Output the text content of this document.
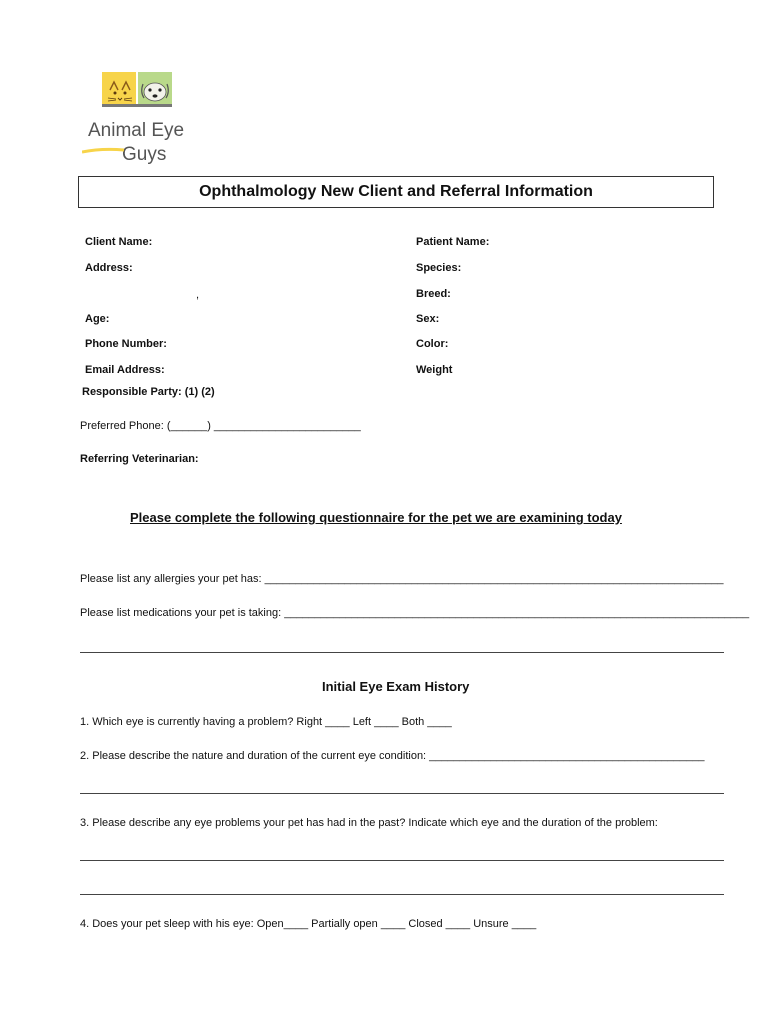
Animal Eye
Guys
Ophthalmology New Client and Referral Information
Client Name:
Address:
,
Age:
Phone Number:
Email Address:
Responsible Party: (1) (2)
Preferred Phone: (______) ________________________
Referring Veterinarian:
Patient Name:
Species:
Breed:
Sex:
Color:
Weight
Please complete the following questionnaire for the pet we are examining today
Please list any allergies your pet has: ___________________________________________________________________________
Please list medications your pet is taking: ____________________________________________________________________________
Initial Eye Exam History
1. Which eye is currently having a problem? Right ____ Left ____ Both ____
2. Please describe the nature and duration of the current eye condition: _____________________________________________
3. Please describe any eye problems your pet has had in the past? Indicate which eye and the duration of the problem:
4. Does your pet sleep with his eye: Open____ Partially open ____ Closed ____ Unsure ____
